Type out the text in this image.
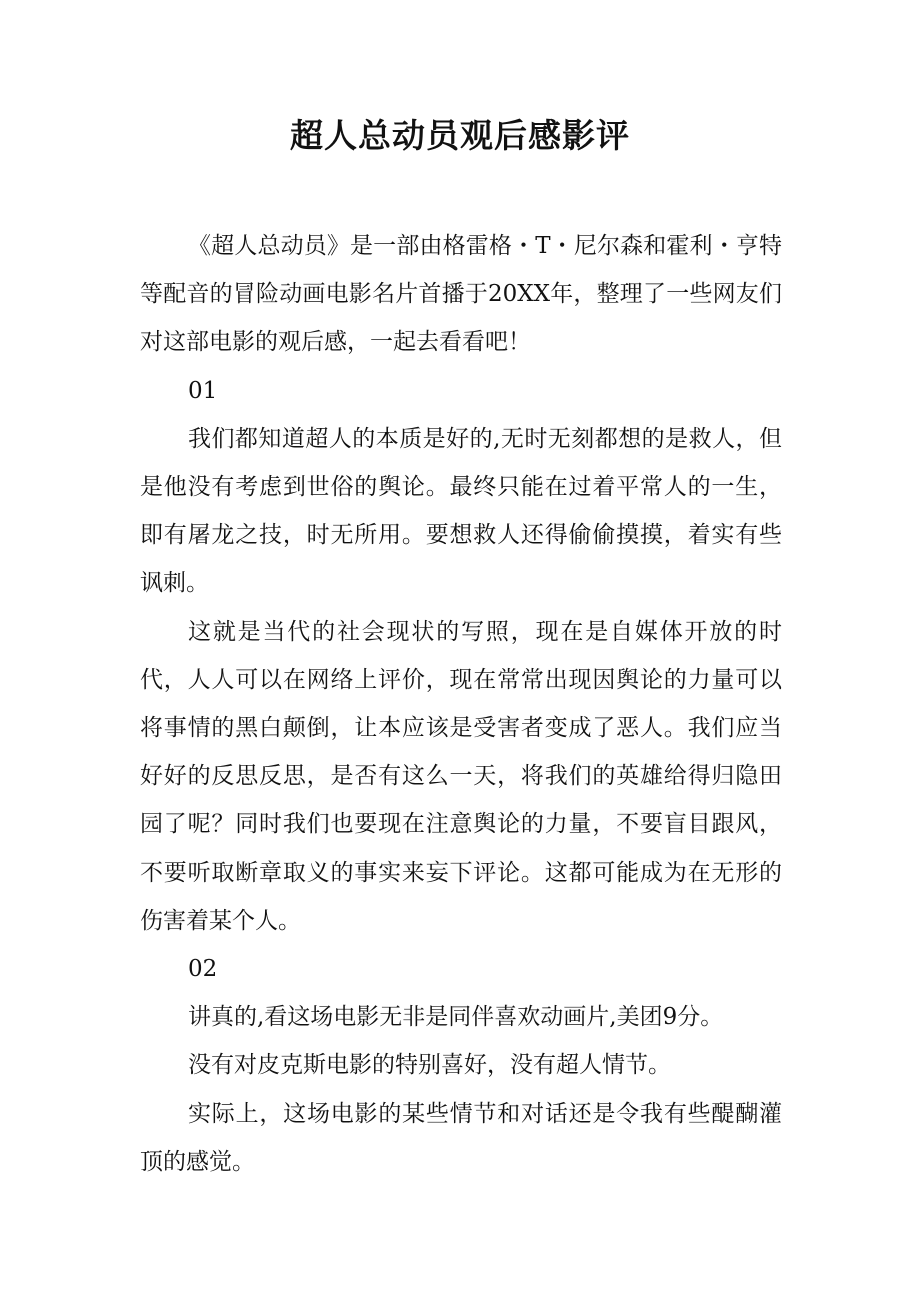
超人总动员观后感影评

《超人总动员》是一部由格雷格・T・尼尔森和霍利・亨特等配音的冒险动画电影名片首播于20XX年，整理了一些网友们对这部电影的观后感，一起去看看吧！

01

我们都知道超人的本质是好的,无时无刻都想的是救人，但是他没有考虑到世俗的舆论。最终只能在过着平常人的一生，即有屠龙之技，时无所用。要想救人还得偷偷摸摸，着实有些讽刺。

这就是当代的社会现状的写照，现在是自媒体开放的时代，人人可以在网络上评价，现在常常出现因舆论的力量可以将事情的黑白颠倒，让本应该是受害者变成了恶人。我们应当好好的反思反思，是否有这么一天，将我们的英雄给得归隐田园了呢？同时我们也要现在注意舆论的力量，不要盲目跟风，不要听取断章取义的事实来妄下评论。这都可能成为在无形的伤害着某个人。

02

讲真的,看这场电影无非是同伴喜欢动画片,美团9分。

没有对皮克斯电影的特别喜好，没有超人情节。

实际上，这场电影的某些情节和对话还是令我有些醍醐灌顶的感觉。
